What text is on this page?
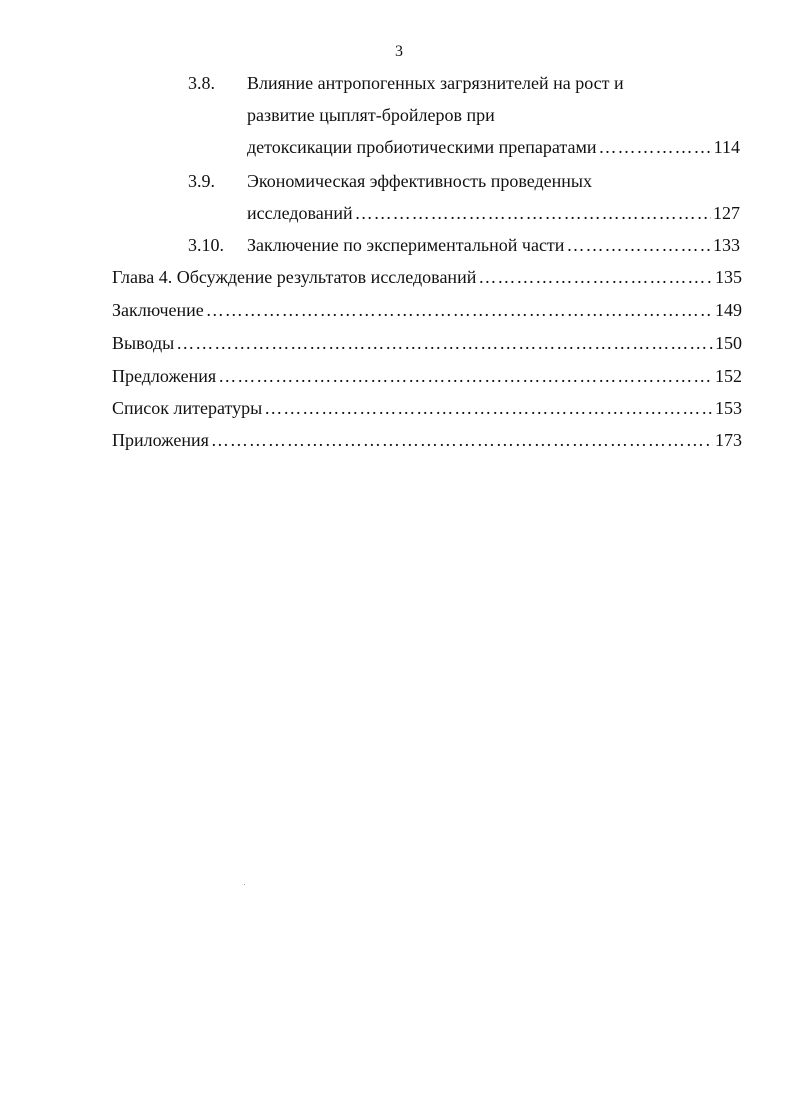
3
3.8. Влияние антропогенных загрязнителей на рост и
развитие цыплят-бройлеров при
детоксикации пробиотическими препаратами ……………………………………………………………………………………………………………………………………………………………………………………	114
3.9. Экономическая эффективность проведенных
исследований ……………………………………………………………………………………………………………………………………………………………………………………	127
3.10. Заключение по экспериментальной части ……………………………………………………………………………………………………………………………………………………………………………………	133
Глава 4. Обсуждение результатов исследований ……………………………………………………………………………………………………………………………………………………………………………………	135
Заключение ……………………………………………………………………………………………………………………………………………………………………………………	149
Выводы ……………………………………………………………………………………………………………………………………………………………………………………	150
Предложения ……………………………………………………………………………………………………………………………………………………………………………………	152
Список литературы ……………………………………………………………………………………………………………………………………………………………………………………	153
Приложения ……………………………………………………………………………………………………………………………………………………………………………………	173
